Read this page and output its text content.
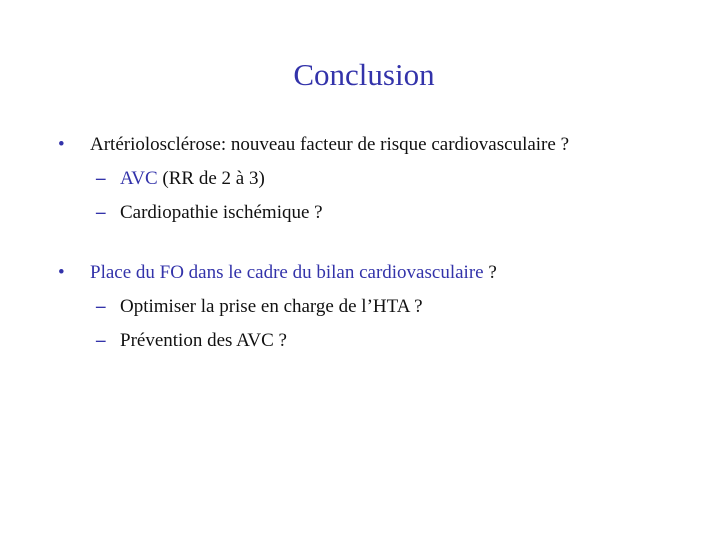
Conclusion
• Artériolosclérose: nouveau facteur de risque cardiovasculaire ?
– AVC (RR de 2 à 3)
– Cardiopathie ischémique ?
• Place du FO dans le cadre du bilan cardiovasculaire ?
– Optimiser la prise en charge de l’HTA ?
– Prévention des AVC ?
